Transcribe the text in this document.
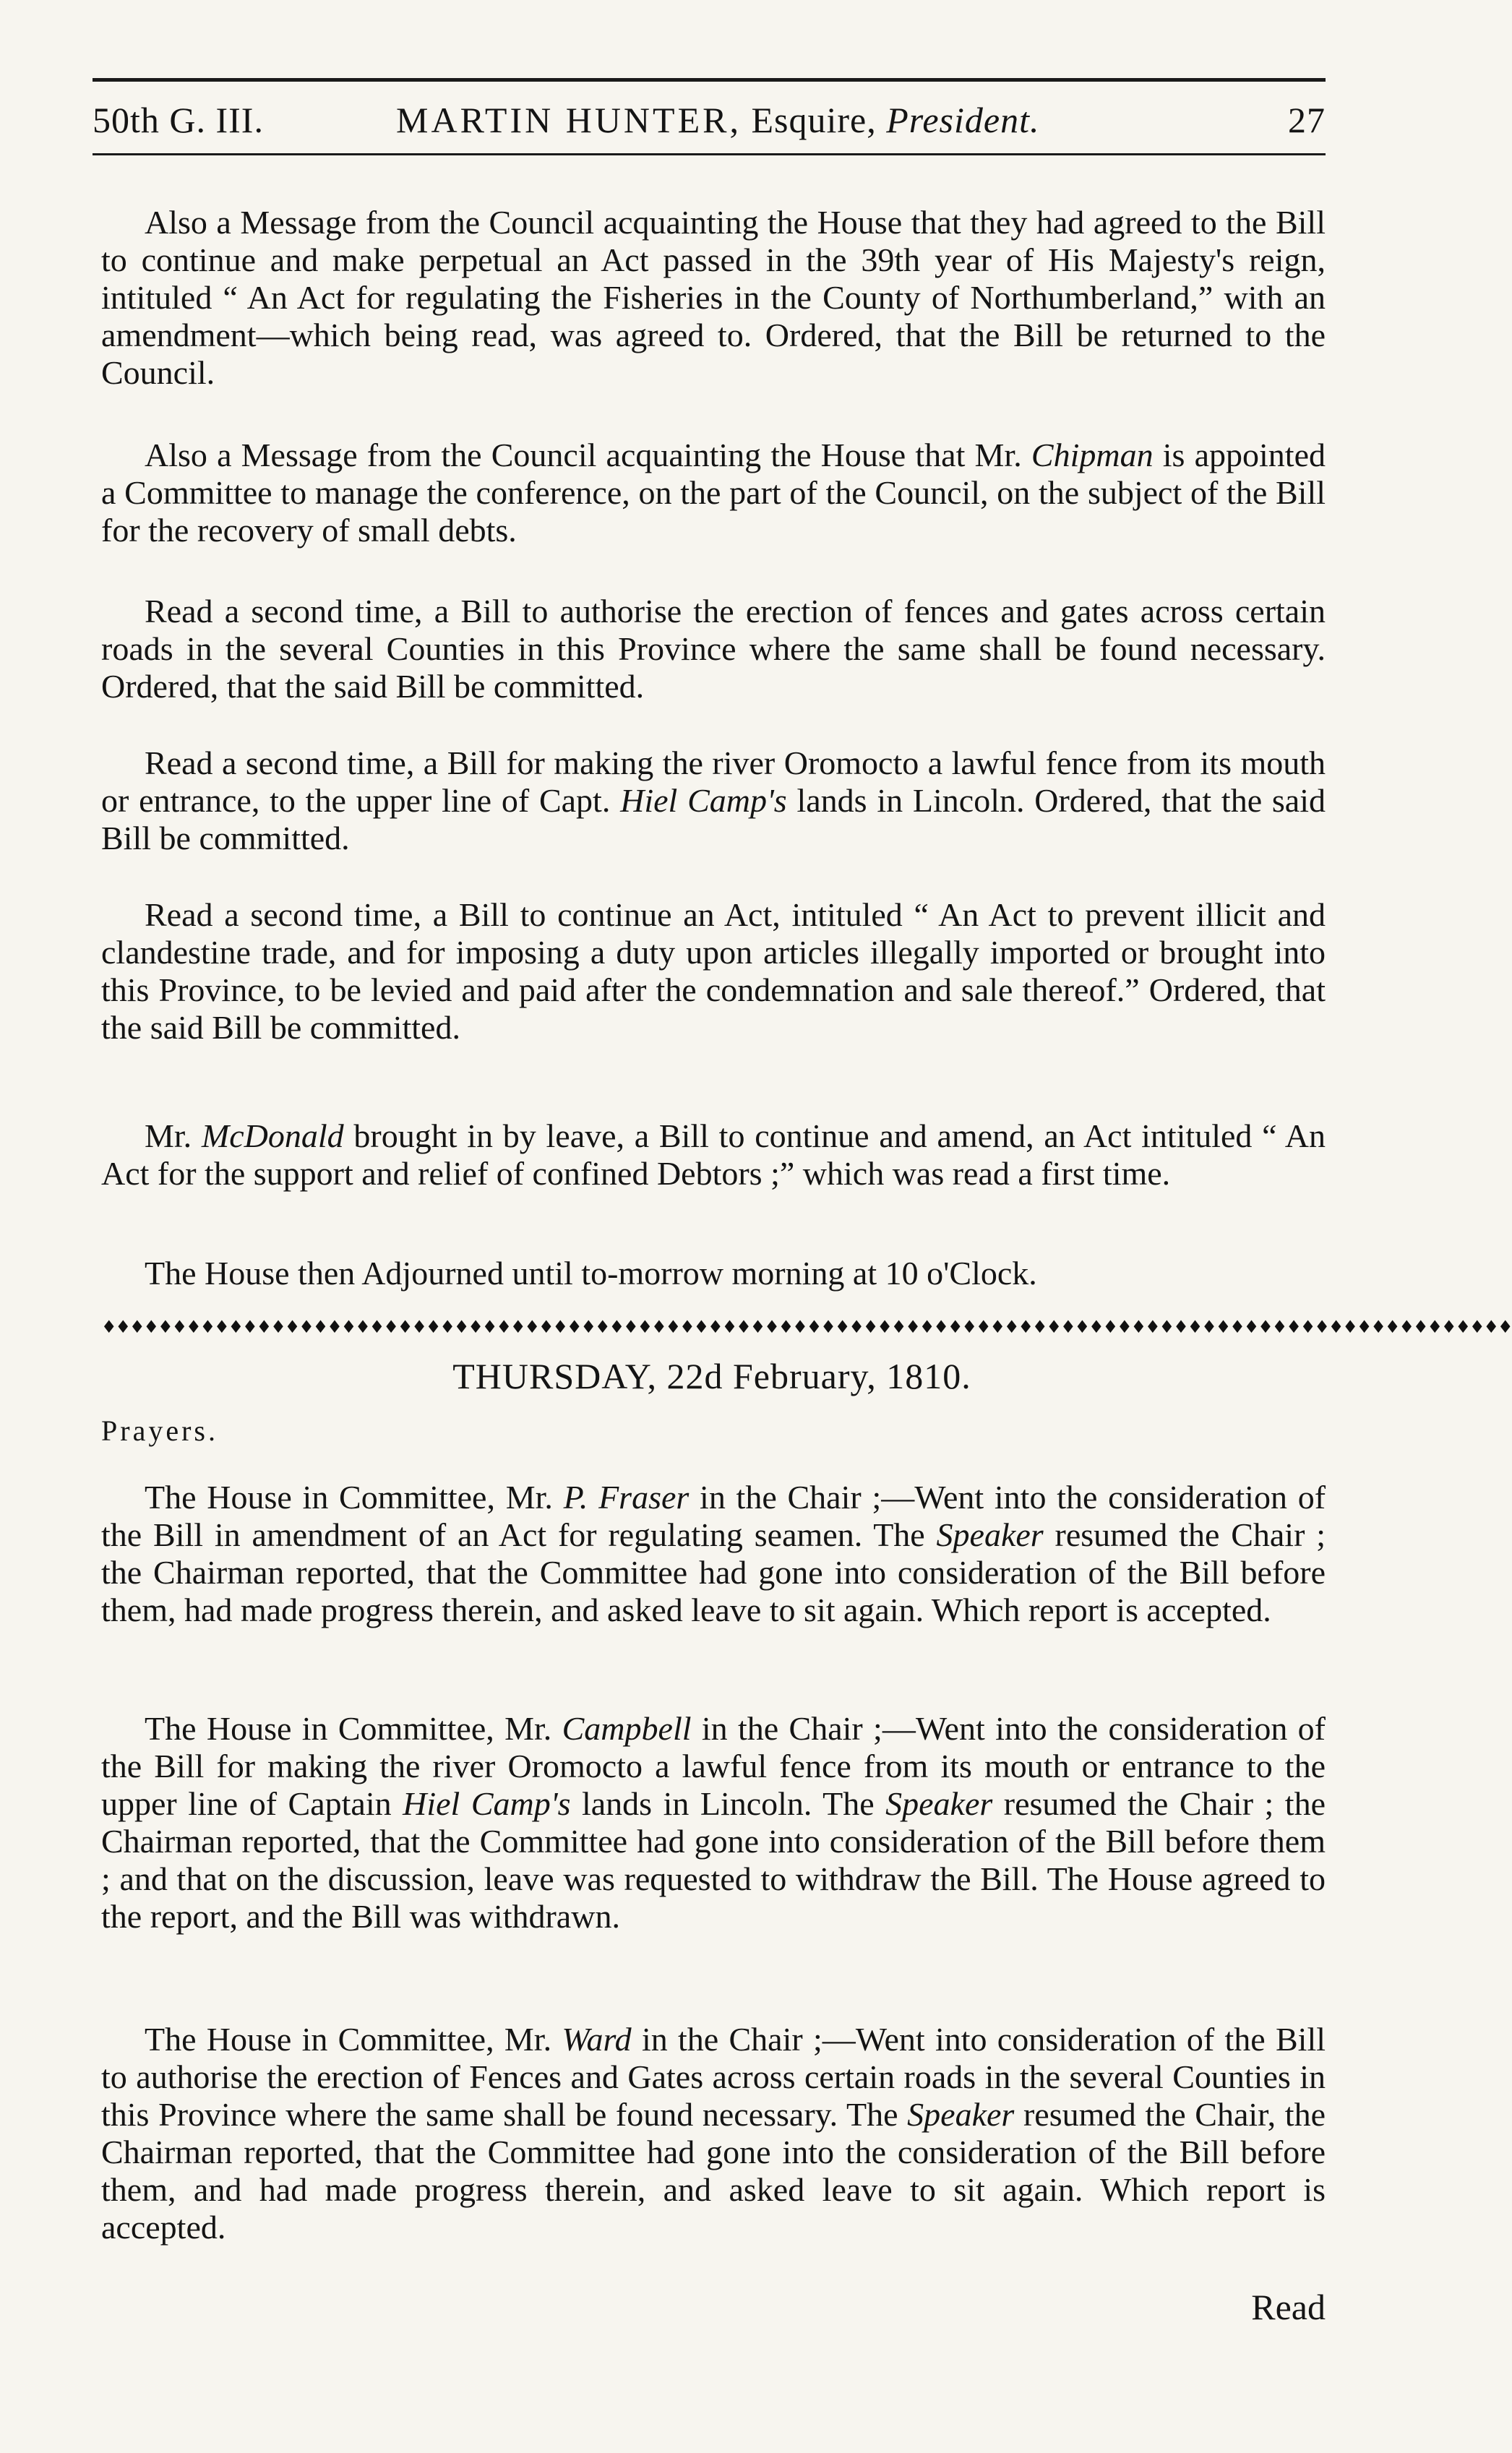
50th G. III.	MARTIN HUNTER, Esquire, President.	27

Also a Message from the Council acquainting the House that they had agreed to the Bill to continue and make perpetual an Act passed in the 39th year of His Majesty's reign, intituled “ An Act for regulating the Fisheries in the County of Northumberland,” with an amendment—which being read, was agreed to. Ordered, that the Bill be returned to the Council.

Also a Message from the Council acquainting the House that Mr. Chipman is appointed a Committee to manage the conference, on the part of the Council, on the subject of the Bill for the recovery of small debts.

Read a second time, a Bill to authorise the erection of fences and gates across certain roads in the several Counties in this Province where the same shall be found necessary. Ordered, that the said Bill be committed.

Read a second time, a Bill for making the river Oromocto a lawful fence from its mouth or entrance, to the upper line of Capt. Hiel Camp's lands in Lincoln. Ordered, that the said Bill be committed.

Read a second time, a Bill to continue an Act, intituled “ An Act to prevent illicit and clandestine trade, and for imposing a duty upon articles illegally imported or brought into this Province, to be levied and paid after the condemnation and sale thereof.” Ordered, that the said Bill be committed.

Mr. McDonald brought in by leave, a Bill to continue and amend, an Act intituled “ An Act for the support and relief of confined Debtors ;” which was read a first time.

The House then Adjourned until to-morrow morning at 10 o'Clock.

♦♦♦♦♦♦♦♦♦♦♦♦♦♦♦♦♦♦♦♦♦♦♦♦♦♦♦♦♦♦♦♦♦♦♦♦♦♦♦♦♦♦♦♦♦♦♦♦♦♦♦♦♦♦♦♦♦♦♦♦♦♦♦♦♦♦♦♦♦♦♦♦♦♦♦♦♦♦♦♦♦♦♦♦♦♦♦♦♦♦♦♦♦♦♦♦♦♦♦♦
THURSDAY, 22d February, 1810.
Prayers.

The House in Committee, Mr. P. Fraser in the Chair ;—Went into the consideration of the Bill in amendment of an Act for regulating seamen. The Speaker resumed the Chair ; the Chairman reported, that the Committee had gone into consideration of the Bill before them, had made progress therein, and asked leave to sit again. Which report is accepted.

The House in Committee, Mr. Campbell in the Chair ;—Went into the consideration of the Bill for making the river Oromocto a lawful fence from its mouth or entrance to the upper line of Captain Hiel Camp's lands in Lincoln. The Speaker resumed the Chair ; the Chairman reported, that the Committee had gone into consideration of the Bill before them ; and that on the discussion, leave was requested to withdraw the Bill. The House agreed to the report, and the Bill was withdrawn.

The House in Committee, Mr. Ward in the Chair ;—Went into consideration of the Bill to authorise the erection of Fences and Gates across certain roads in the several Counties in this Province where the same shall be found necessary. The Speaker resumed the Chair, the Chairman reported, that the Committee had gone into the consideration of the Bill before them, and had made progress therein, and asked leave to sit again. Which report is accepted.

Read
